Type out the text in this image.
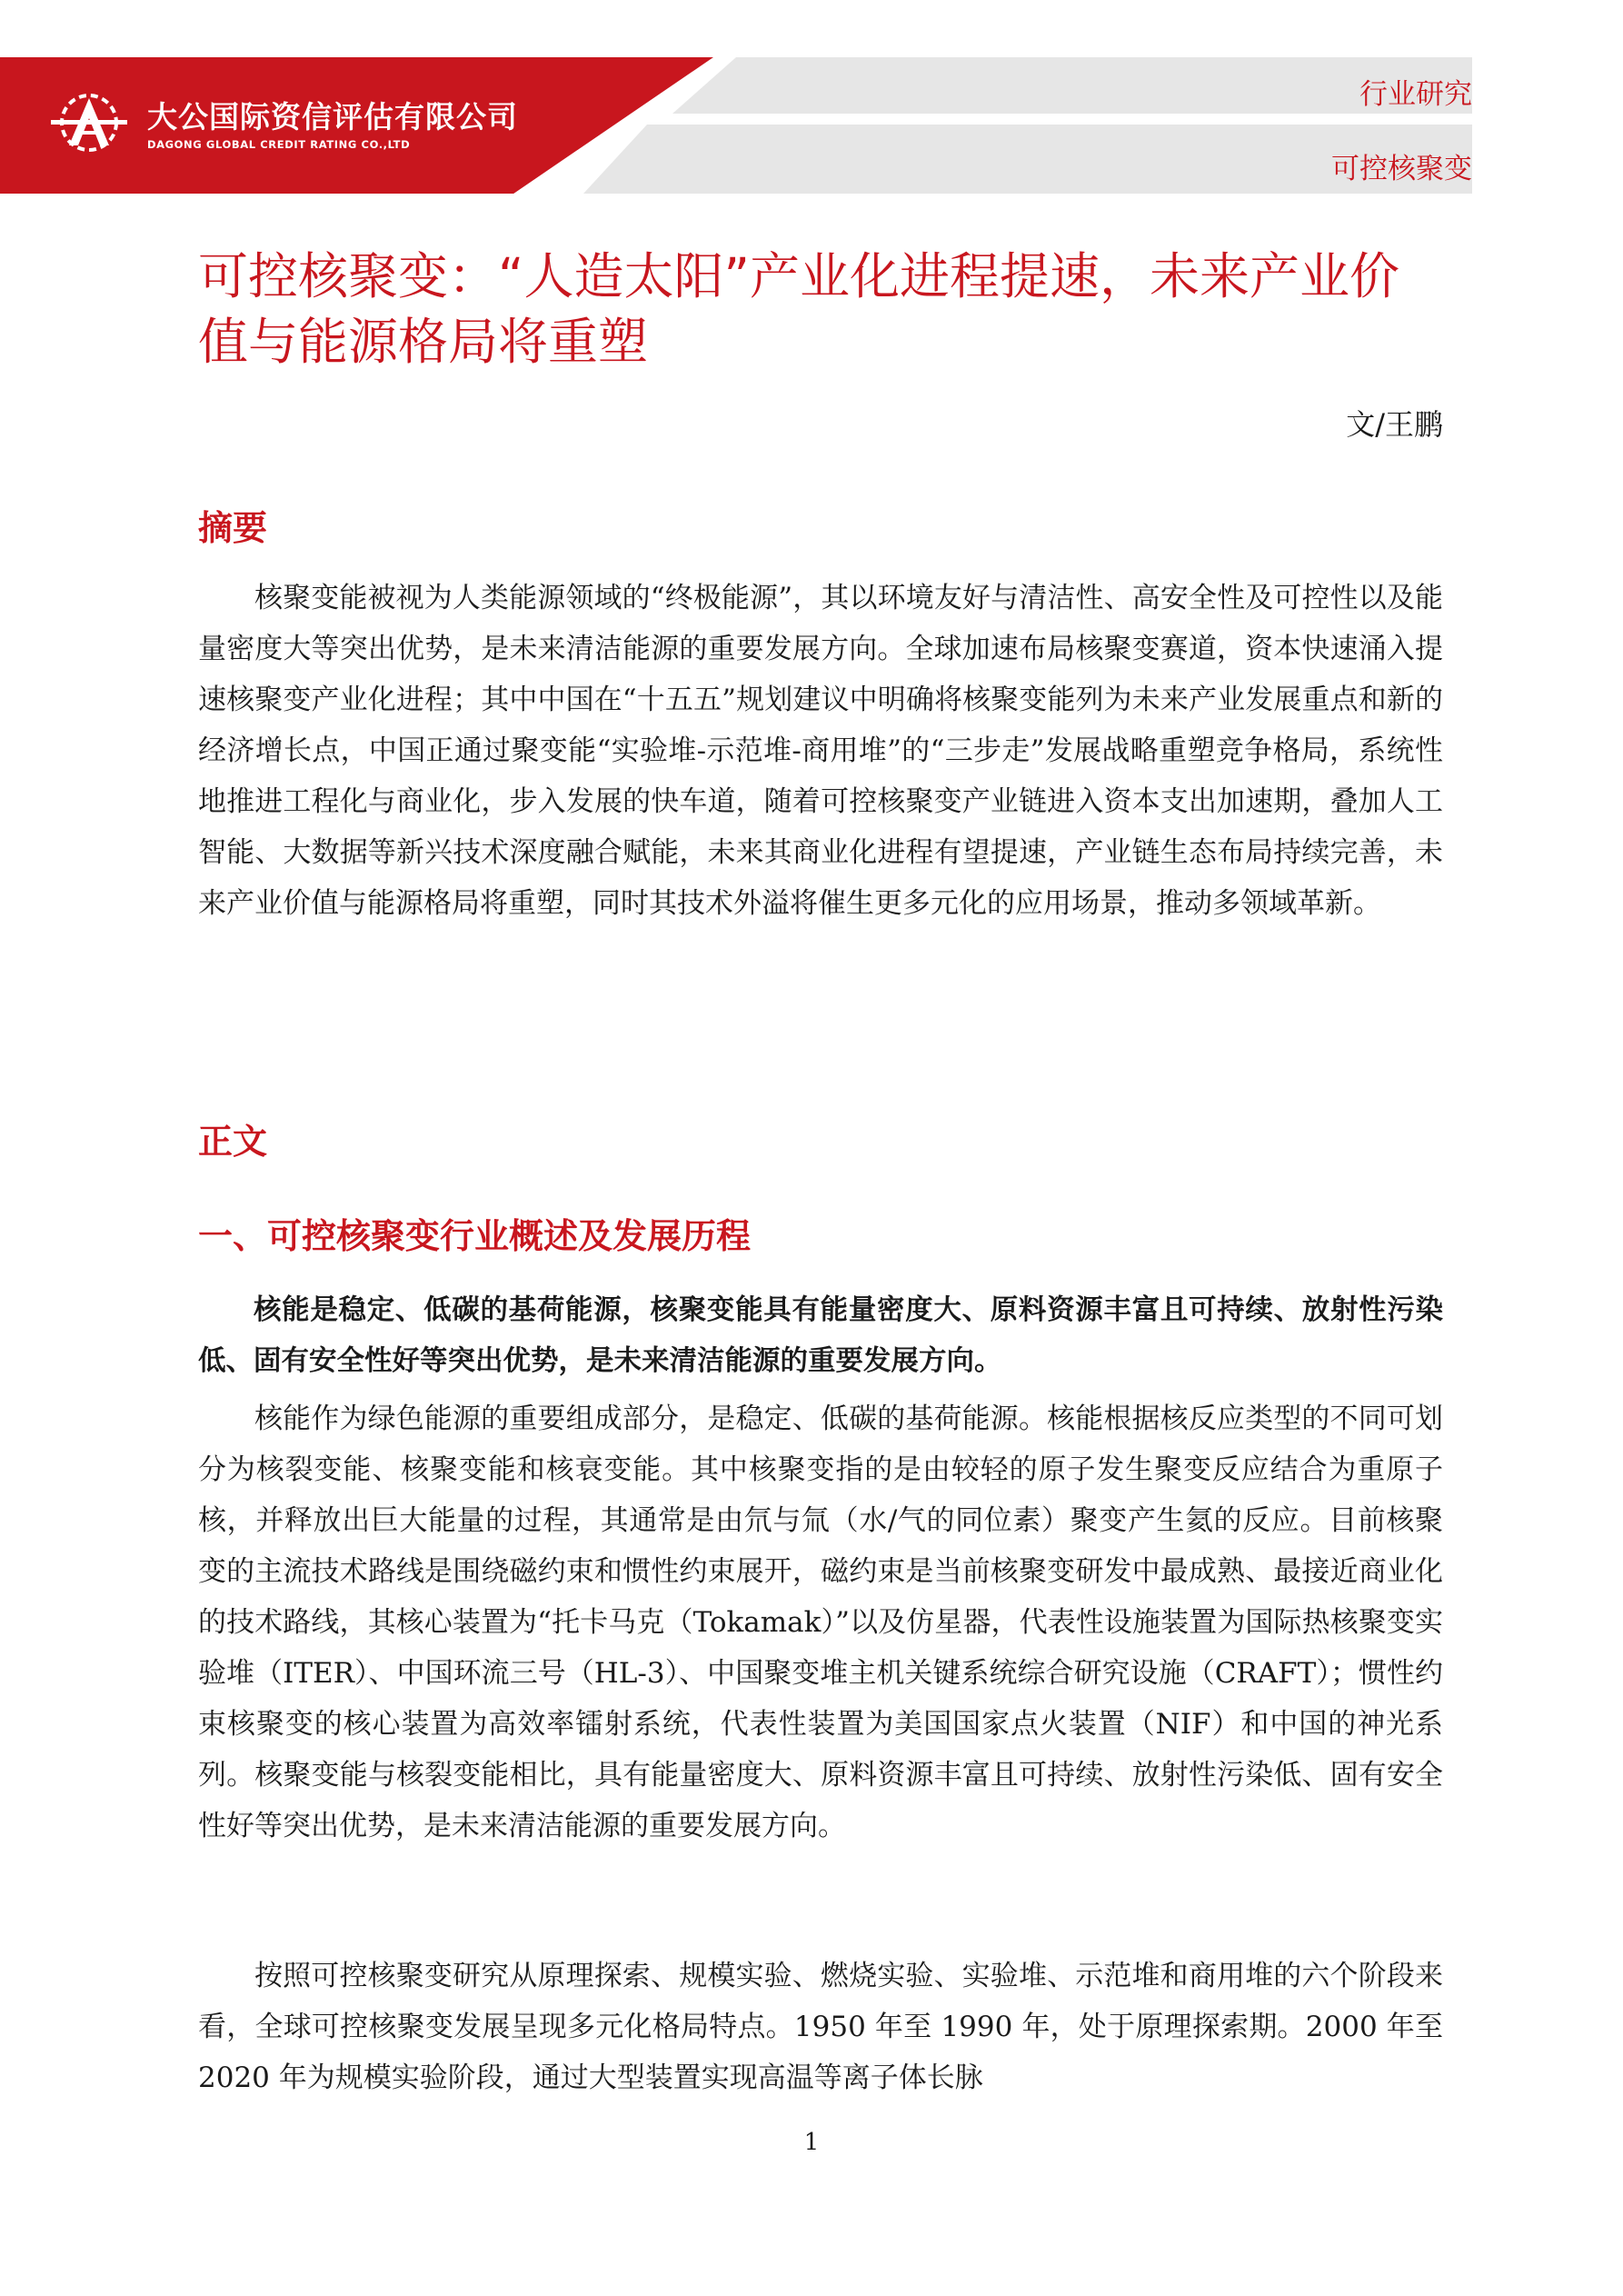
大公国际资信评估有限公司
DAGONG GLOBAL CREDIT RATING CO.,LTD
行业研究
可控核聚变
可控核聚变：“人造太阳”产业化进程提速，未来产业价值与能源格局将重塑
文/王鹏
摘要

核聚变能被视为人类能源领域的“终极能源”，其以环境友好与清洁性、高安全性及可控性以及能量密度大等突出优势，是未来清洁能源的重要发展方向。全球加速布局核聚变赛道，资本快速涌入提速核聚变产业化进程；其中中国在“十五五”规划建议中明确将核聚变能列为未来产业发展重点和新的经济增长点，中国正通过聚变能“实验堆-示范堆-商用堆”的“三步走”发展战略重塑竞争格局，系统性地推进工程化与商业化，步入发展的快车道，随着可控核聚变产业链进入资本支出加速期，叠加人工智能、大数据等新兴技术深度融合赋能，未来其商业化进程有望提速，产业链生态布局持续完善，未来产业价值与能源格局将重塑，同时其技术外溢将催生更多元化的应用场景，推动多领域革新。

正文
一、可控核聚变行业概述及发展历程

核能是稳定、低碳的基荷能源，核聚变能具有能量密度大、原料资源丰富且可持续、放射性污染低、固有安全性好等突出优势，是未来清洁能源的重要发展方向。

核能作为绿色能源的重要组成部分，是稳定、低碳的基荷能源。核能根据核反应类型的不同可划分为核裂变能、核聚变能和核衰变能。其中核聚变指的是由较轻的原子发生聚变反应结合为重原子核，并释放出巨大能量的过程，其通常是由氘与氚（水/气的同位素）聚变产生氦的反应。目前核聚变的主流技术路线是围绕磁约束和惯性约束展开，磁约束是当前核聚变研发中最成熟、最接近商业化的技术路线，其核心装置为“托卡马克（Tokamak）”以及仿星器，代表性设施装置为国际热核聚变实验堆（ITER）、中国环流三号（HL-3）、中国聚变堆主机关键系统综合研究设施（CRAFT）；惯性约束核聚变的核心装置为高效率镭射系统，代表性装置为美国国家点火装置（NIF）和中国的神光系列。核聚变能与核裂变能相比，具有能量密度大、原料资源丰富且可持续、放射性污染低、固有安全性好等突出优势，是未来清洁能源的重要发展方向。

按照可控核聚变研究从原理探索、规模实验、燃烧实验、实验堆、示范堆和商用堆的六个阶段来看，全球可控核聚变发展呈现多元化格局特点。1950 年至 1990 年，处于原理探索期。2000 年至 2020 年为规模实验阶段，通过大型装置实现高温等离子体长脉

1
